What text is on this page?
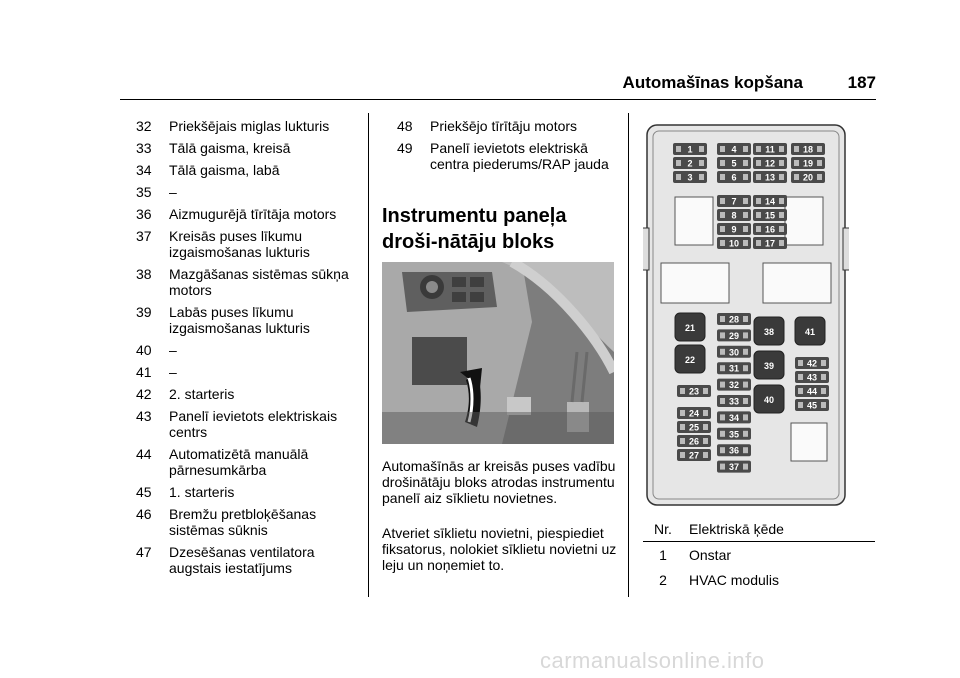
Automašīnas kopšana	187
32	Priekšējais miglas lukturis
33	Tālā gaisma, kreisā
34	Tālā gaisma, labā
35	–
36	Aizmugurējā tīrītāja motors
37	Kreisās puses līkumu izgaismošanas lukturis
38	Mazgāšanas sistēmas sūkņa motors
39	Labās puses līkumu izgaismošanas lukturis
40	–
41	–
42	2. starteris
43	Panelī ievietots elektriskais centrs
44	Automatizētā manuālā pārnesumkārba
45	1. starteris
46	Bremžu pretbloķēšanas sistēmas sūknis
47	Dzesēšanas ventilatora augstais iestatījums
48	Priekšējo tīrītāju motors
49	Panelī ievietots elektriskā centra piederums/RAP jauda
Instrumentu paneļa droši-nātāju bloks
Automašīnās ar kreisās puses vadību drošinātāju bloks atrodas instrumentu panelī aiz sīklietu novietnes.
Atveriet sīklietu novietni, piespiediet fiksatorus, nolokiet sīklietu novietni uz leju un noņemiet to.
1
2
3
4
5
6
7
8
9
10
11
12
13
14
15
16
17
18
19
20
21
22
23
24
25
26
27
28
29
30
31
32
33
34
35
36
37
38
39
40
41
42
43
44
45
Nr.	Elektriskā ķēde
1	Onstar
2	HVAC modulis
carmanualsonline.info
